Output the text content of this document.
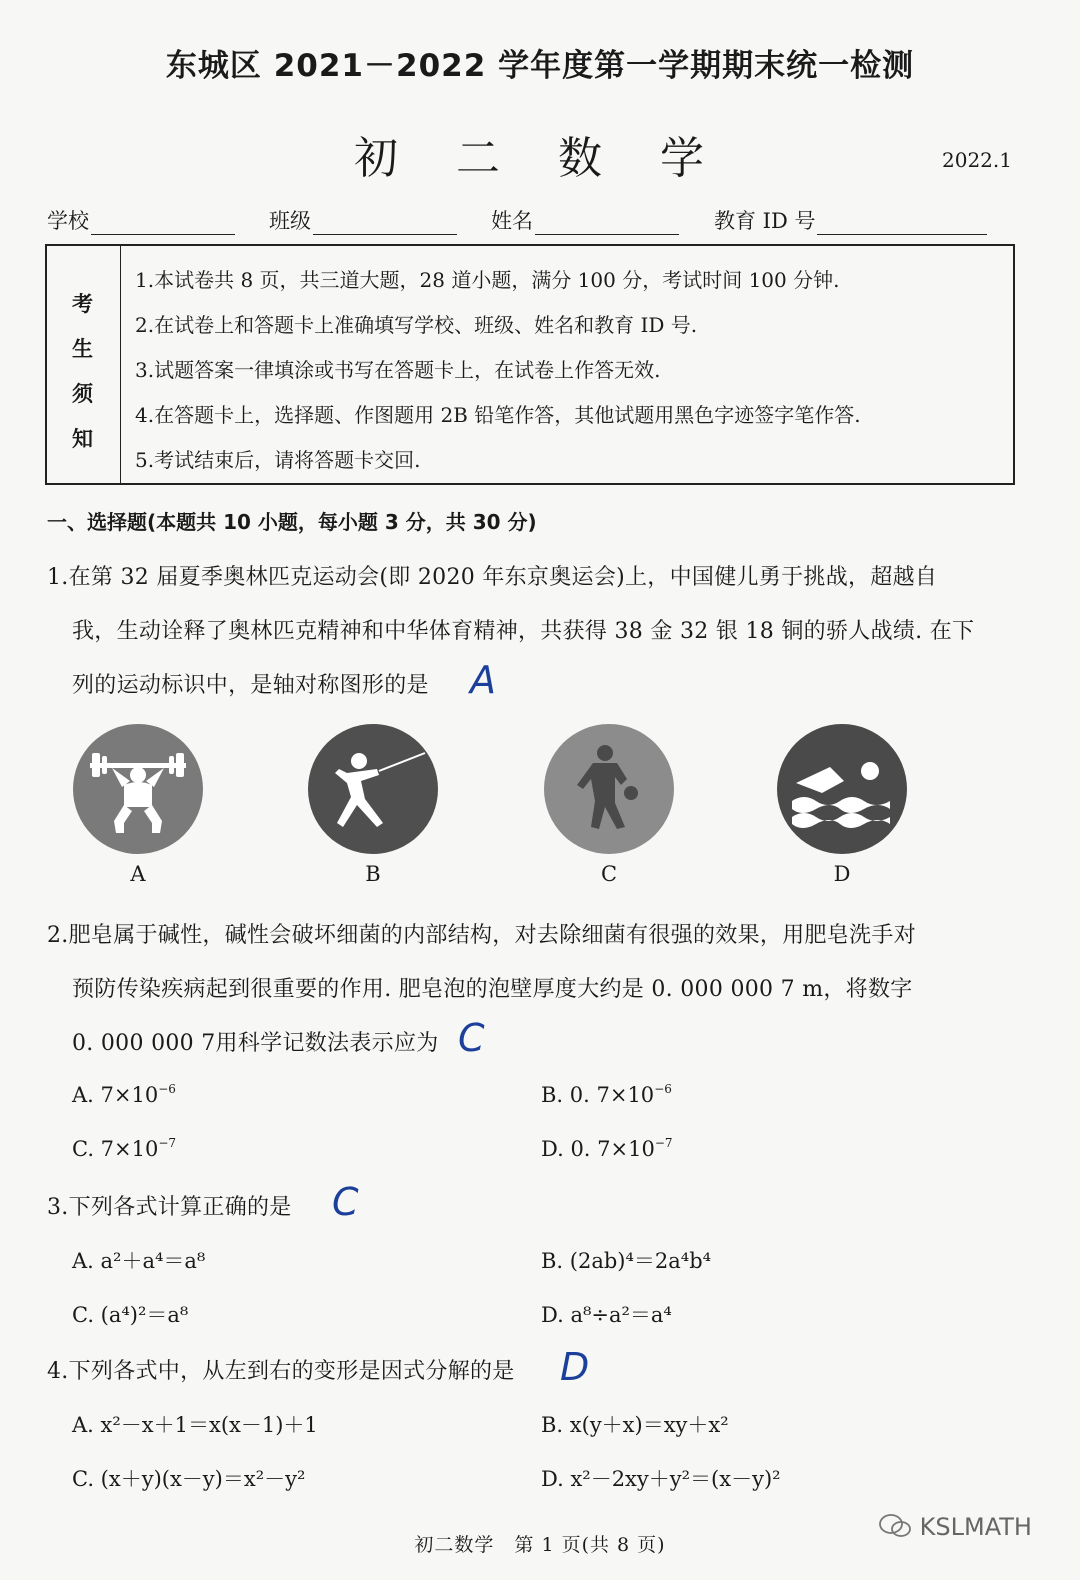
东城区 2021－2022 学年度第一学期期末统一检测
初 二 数 学	2022.1
学校	班级	姓名	教育 ID 号
考
生
须
知
1.本试卷共 8 页，共三道大题，28 道小题，满分 100 分，考试时间 100 分钟.
2.在试卷上和答题卡上准确填写学校、班级、姓名和教育 ID 号.
3.试题答案一律填涂或书写在答题卡上，在试卷上作答无效.
4.在答题卡上，选择题、作图题用 2B 铅笔作答，其他试题用黑色字迹签字笔作答.
5.考试结束后，请将答题卡交回.
一、选择题(本题共 10 小题，每小题 3 分，共 30 分)
1.在第 32 届夏季奥林匹克运动会(即 2020 年东京奥运会)上，中国健儿勇于挑战，超越自
我，生动诠释了奥林匹克精神和中华体育精神，共获得 38 金 32 银 18 铜的骄人战绩. 在下
列的运动标识中，是轴对称图形的是 A
A	B	C	D
2.肥皂属于碱性，碱性会破坏细菌的内部结构，对去除细菌有很强的效果，用肥皂洗手对
预防传染疾病起到很重要的作用. 肥皂泡的泡壁厚度大约是 0. 000 000 7 m，将数字
0. 000 000 7用科学记数法表示应为 C
A. $7\times 10^{-6}$	B. 0. $7\times 10^{-6}$
C. $7\times 10^{-7}$	D. 0. $7\times 10^{-7}$
3.下列各式计算正确的是 C
A. a²＋a⁴＝a⁸	B. (2ab)⁴＝2a⁴b⁴
C. (a⁴)²＝a⁸	D. a⁸÷a²＝a⁴
4.下列各式中，从左到右的变形是因式分解的是 D
A. x²－x＋1＝x(x－1)＋1	B. x(y＋x)＝xy＋x²
C. (x＋y)(x－y)＝x²－y²	D. x²－2xy＋y²＝(x－y)²
初二数学　第 1 页(共 8 页)
KSLMATH
